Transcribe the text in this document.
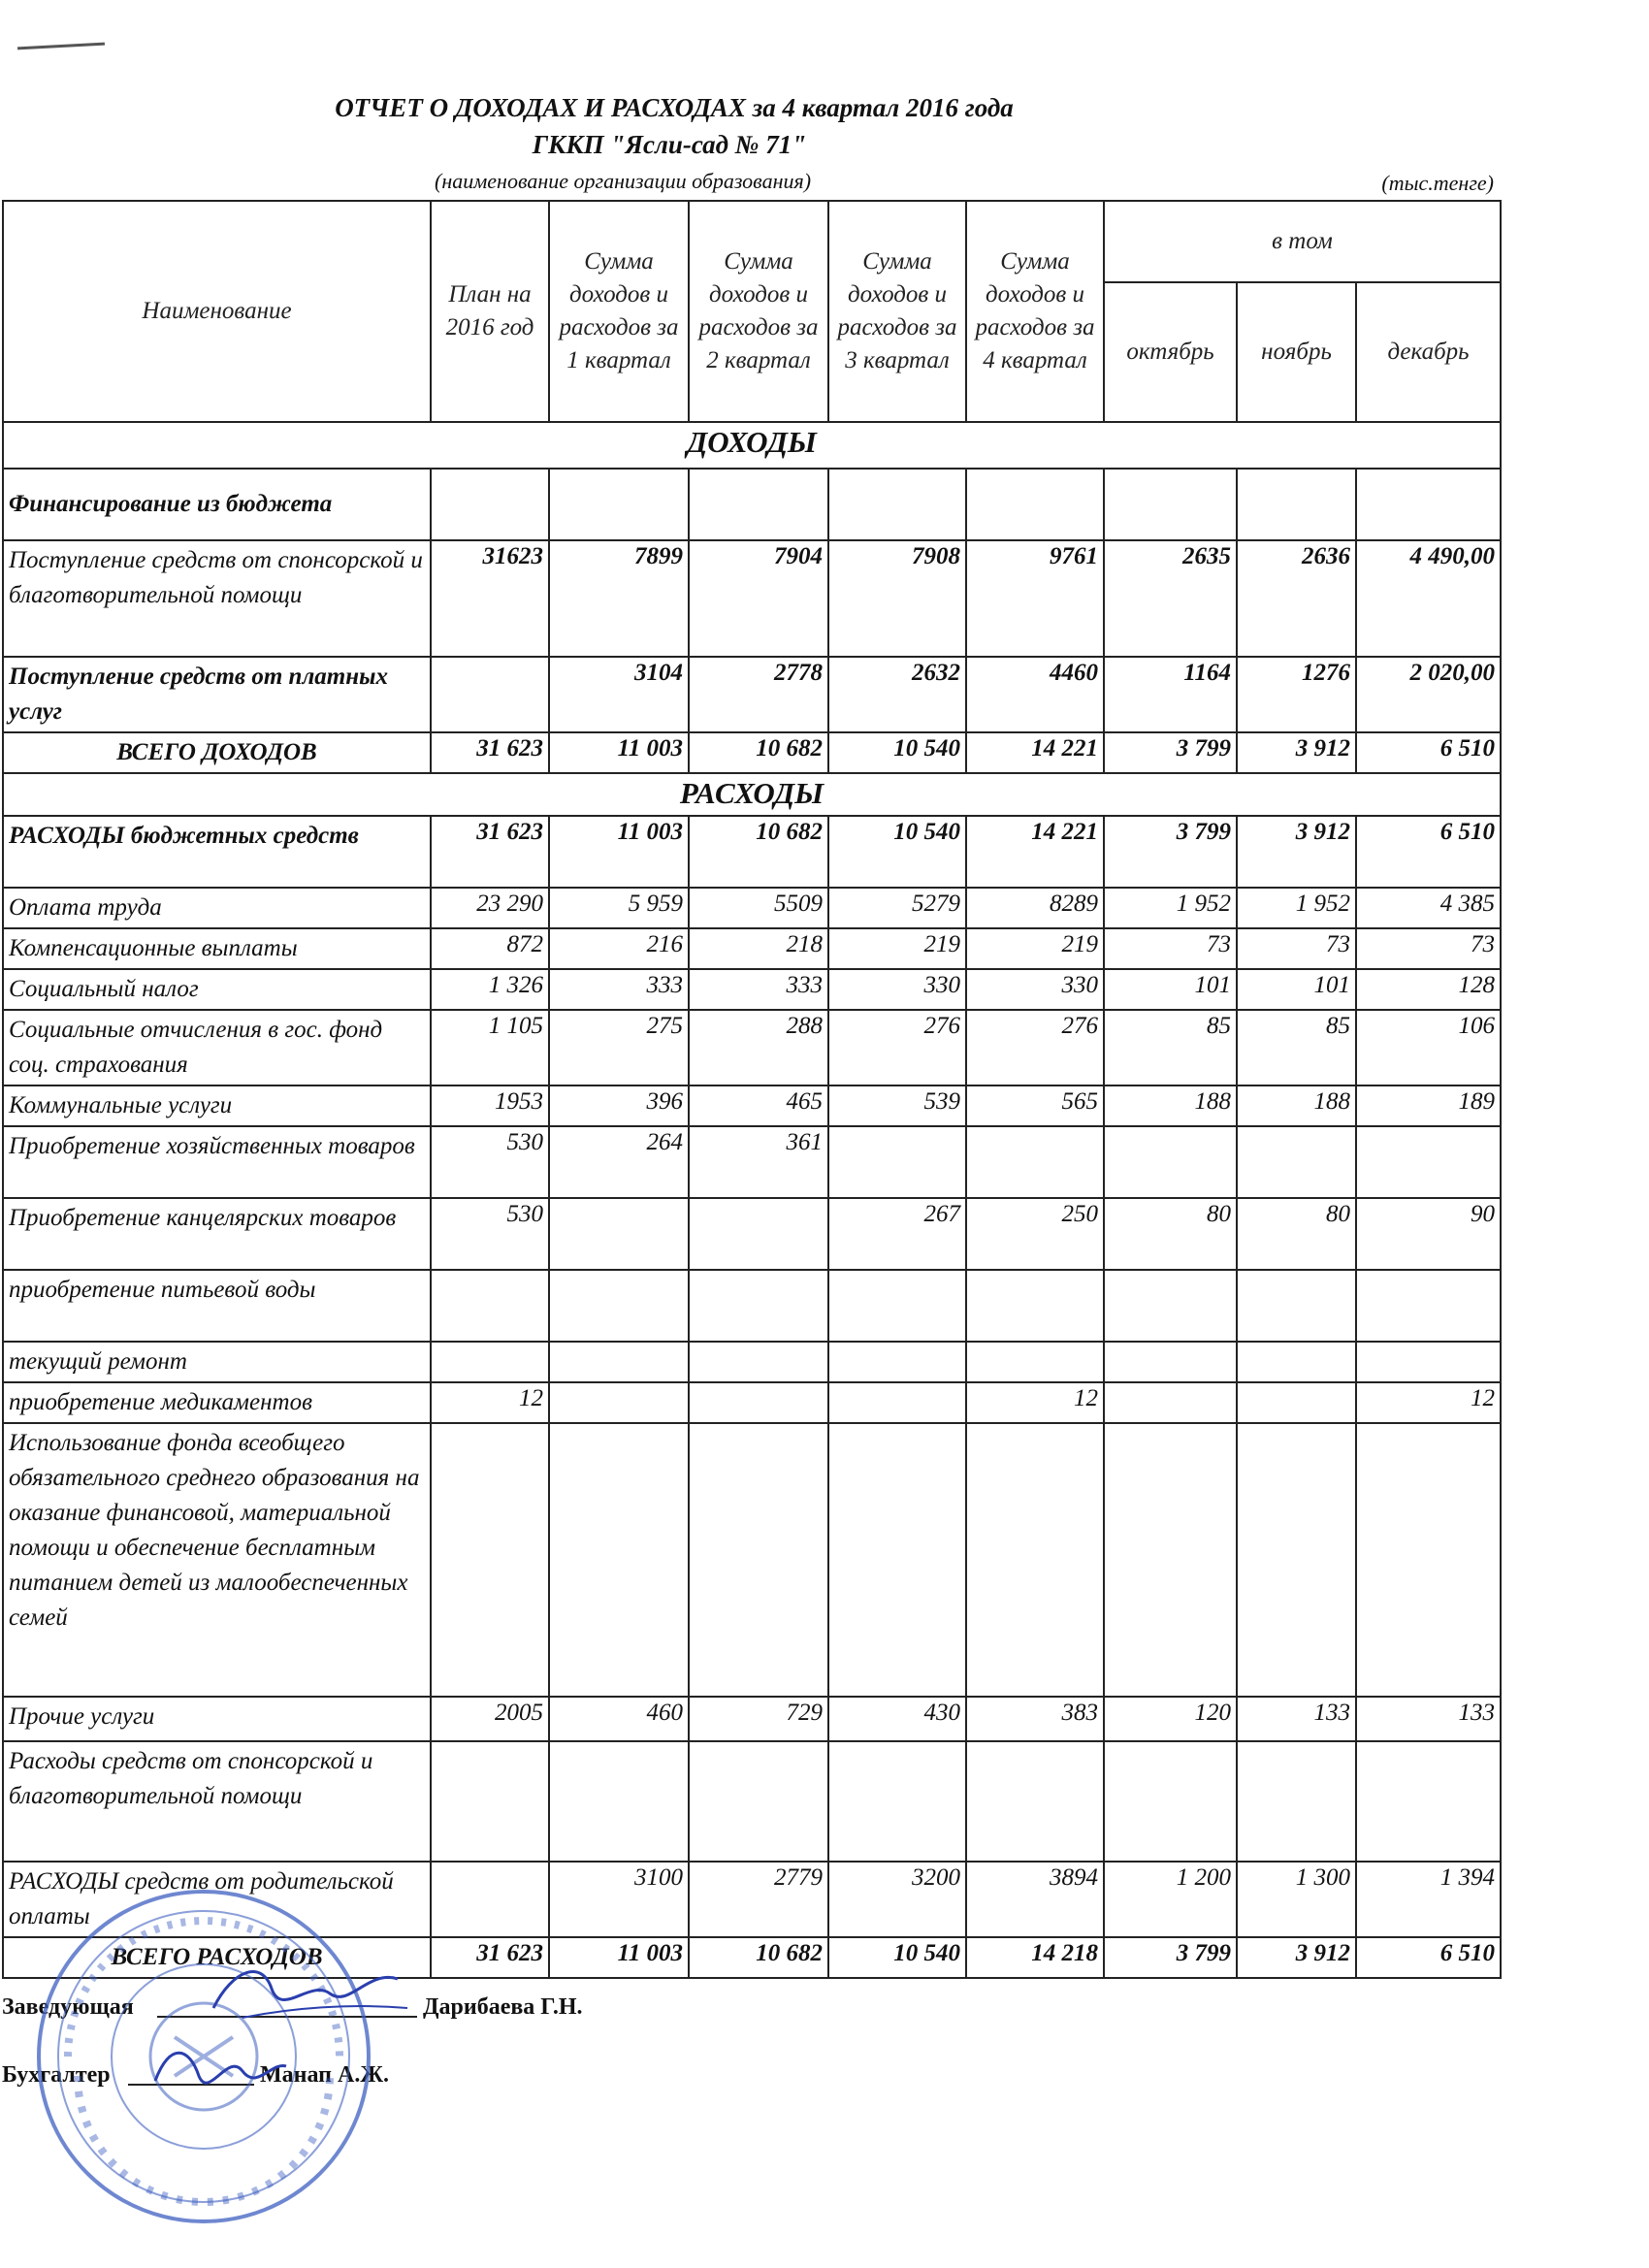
ОТЧЕТ О ДОХОДАХ И РАСХОДАХ за 4 квартал 2016 года
ГККП "Ясли-сад № 71"
(наименование организации образования)	(тыс.тенге)
Наименование	План на 2016 год	Сумма доходов и расходов за 1 квартал	Сумма доходов и расходов за 2 квартал	Сумма доходов и расходов за 3 квартал	Сумма доходов и расходов за 4 квартал	в том		
						октябрь	ноябрь	декабрь
ДОХОДЫ								
Финансирование из бюджета								
Поступление средств от спонсорской и благотворительной помощи	31623	7899	7904	7908	9761	2635	2636	4 490,00
Поступление средств от платных услуг		3104	2778	2632	4460	1164	1276	2 020,00
ВСЕГО ДОХОДОВ	31 623	11 003	10 682	10 540	14 221	3 799	3 912	6 510
РАСХОДЫ								
РАСХОДЫ бюджетных средств	31 623	11 003	10 682	10 540	14 221	3 799	3 912	6 510
Оплата труда	23 290	5 959	5509	5279	8289	1 952	1 952	4 385
Компенсационные выплаты	872	216	218	219	219	73	73	73
Социальный налог	1 326	333	333	330	330	101	101	128
Социальные отчисления в гос. фонд соц. страхования	1 105	275	288	276	276	85	85	106
Коммунальные услуги	1953	396	465	539	565	188	188	189
Приобретение хозяйственных товаров	530	264	361					
Приобретение канцелярских товаров	530			267	250	80	80	90
приобретение питьевой воды								
текущий ремонт								
приобретение медикаментов	12				12			12
Использование фонда всеобщего обязательного среднего образования на оказание финансовой, материальной помощи и обеспечение бесплатным питанием детей из малообеспеченных семей								
Прочие услуги	2005	460	729	430	383	120	133	133
Расходы средств от спонсорской и благотворительной помощи								
РАСХОДЫ средств от родительской оплаты		3100	2779	3200	3894	1 200	1 300	1 394
ВСЕГО РАСХОДОВ	31 623	11 003	10 682	10 540	14 218	3 799	3 912	6 510
Заведующая	Дарибаева Г.Н.
Бухгалтер	Манап А.Ж.
